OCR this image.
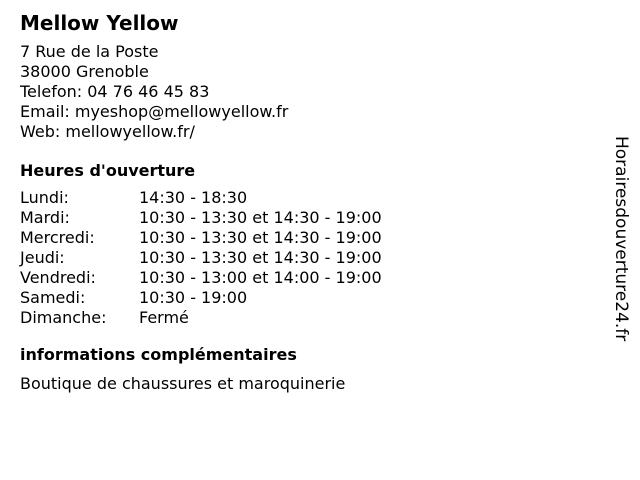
Mellow Yellow
7 Rue de la Poste
38000 Grenoble
Telefon: 04 76 46 45 83
Email: myeshop@mellowyellow.fr
Web: mellowyellow.fr/
Heures d'ouverture
Lundi:	14:30 - 18:30
Mardi:	10:30 - 13:30 et 14:30 - 19:00
Mercredi:	10:30 - 13:30 et 14:30 - 19:00
Jeudi:	10:30 - 13:30 et 14:30 - 19:00
Vendredi:	10:30 - 13:00 et 14:00 - 19:00
Samedi:	10:30 - 19:00
Dimanche:	Fermé
informations complémentaires
Boutique de chaussures et maroquinerie
Horairesdouverture24.fr
